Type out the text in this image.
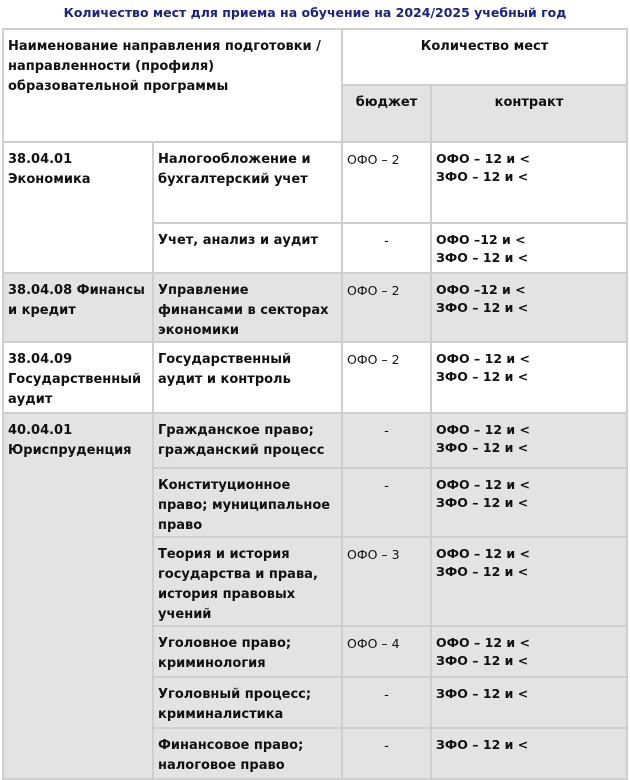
Количество мест для приема на обучение на 2024/2025 учебный год
Наименование направления подготовки / направленности (профиля) образовательной программы		Количество мест	
		бюджет	контракт
38.04.01 Экономика	Налогообложение и бухгалтерский учет	ОФО – 2	ОФО – 12 и <
ЗФО – 12 и <

	Учет, анализ и аудит	-	ОФО –12 и <
ЗФО – 12 и <

38.04.08 Финансы и кредит	Управление финансами в секторах экономики	ОФО – 2	ОФО –12 и <
ЗФО – 12 и <

38.04.09 Государственный аудит	Государственный аудит и контроль	ОФО – 2	ОФО – 12 и <
ЗФО – 12 и <

40.04.01 Юриспруденция	Гражданское право; гражданский процесс	-	ОФО – 12 и <
ЗФО – 12 и <

	Конституционное право; муниципальное право	-	ОФО – 12 и <
ЗФО – 12 и <

	Теория и история государства и права, история правовых учений	ОФО – 3	ОФО – 12 и <
ЗФО – 12 и <

	Уголовное право; криминология	ОФО – 4	ОФО – 12 и <
ЗФО – 12 и <

	Уголовный процесс; криминалистика	-	ЗФО – 12 и <

	Финансовое право; налоговое право	-	ЗФО – 12 и <
